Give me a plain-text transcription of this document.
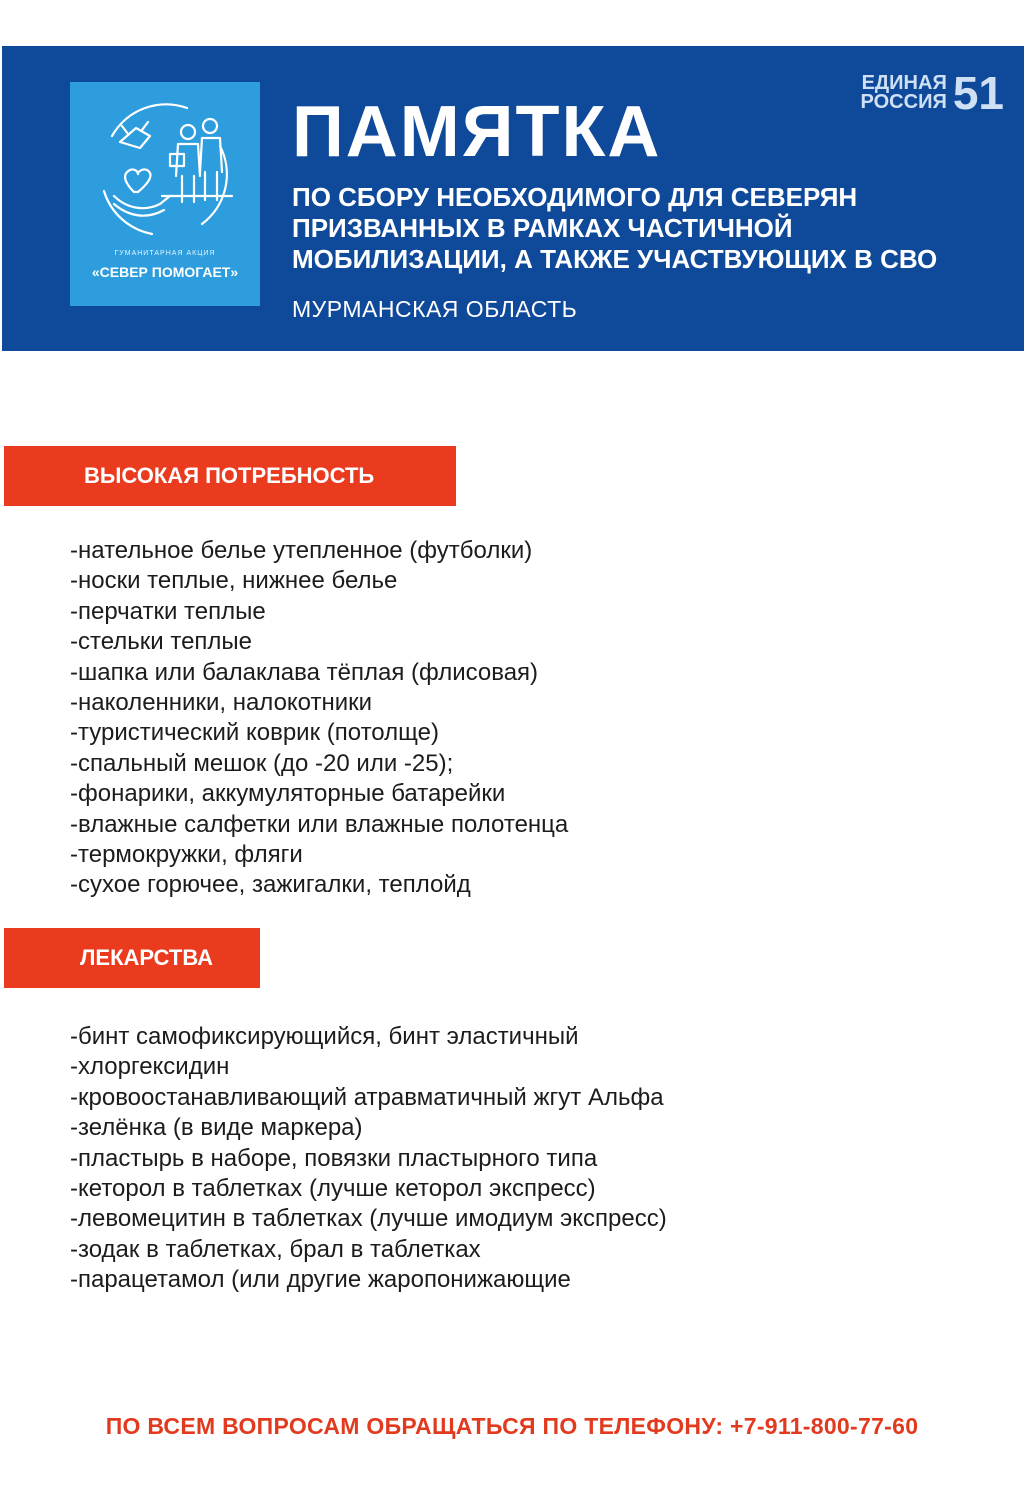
ГУМАНИТАРНАЯ АКЦИЯ
«СЕВЕР ПОМОГАЕТ»
ПАМЯТКА
ПО СБОРУ НЕОБХОДИМОГО ДЛЯ СЕВЕРЯН
ПРИЗВАННЫХ В РАМКАХ ЧАСТИЧНОЙ
МОБИЛИЗАЦИИ, А ТАКЖЕ УЧАСТВУЮЩИХ В СВО
МУРМАНСКАЯ ОБЛАСТЬ
ЕДИНАЯ
РОССИЯ 51
ВЫСОКАЯ ПОТРЕБНОСТЬ
-нательное белье утепленное (футболки)
-носки теплые, нижнее белье
-перчатки теплые
-стельки теплые
-шапка или балаклава тёплая (флисовая)
-наколенники, налокотники
-туристический коврик (потолще)
-спальный мешок (до -20 или -25);
-фонарики, аккумуляторные батарейки
-влажные салфетки или влажные полотенца
-термокружки, фляги
-сухое горючее, зажигалки, теплойд
ЛЕКАРСТВА
-бинт самофиксирующийся, бинт эластичный
-хлоргексидин
-кровоостанавливающий атравматичный жгут Альфа
-зелёнка (в виде маркера)
-пластырь в наборе, повязки пластырного типа
-кеторол в таблетках (лучше кеторол экспресс)
-левомецитин в таблетках (лучше имодиум экспресс)
-зодак в таблетках, брал в таблетках
-парацетамол (или другие жаропонижающие
ПО ВСЕМ ВОПРОСАМ ОБРАЩАТЬСЯ ПО ТЕЛЕФОНУ: +7-911-800-77-60
